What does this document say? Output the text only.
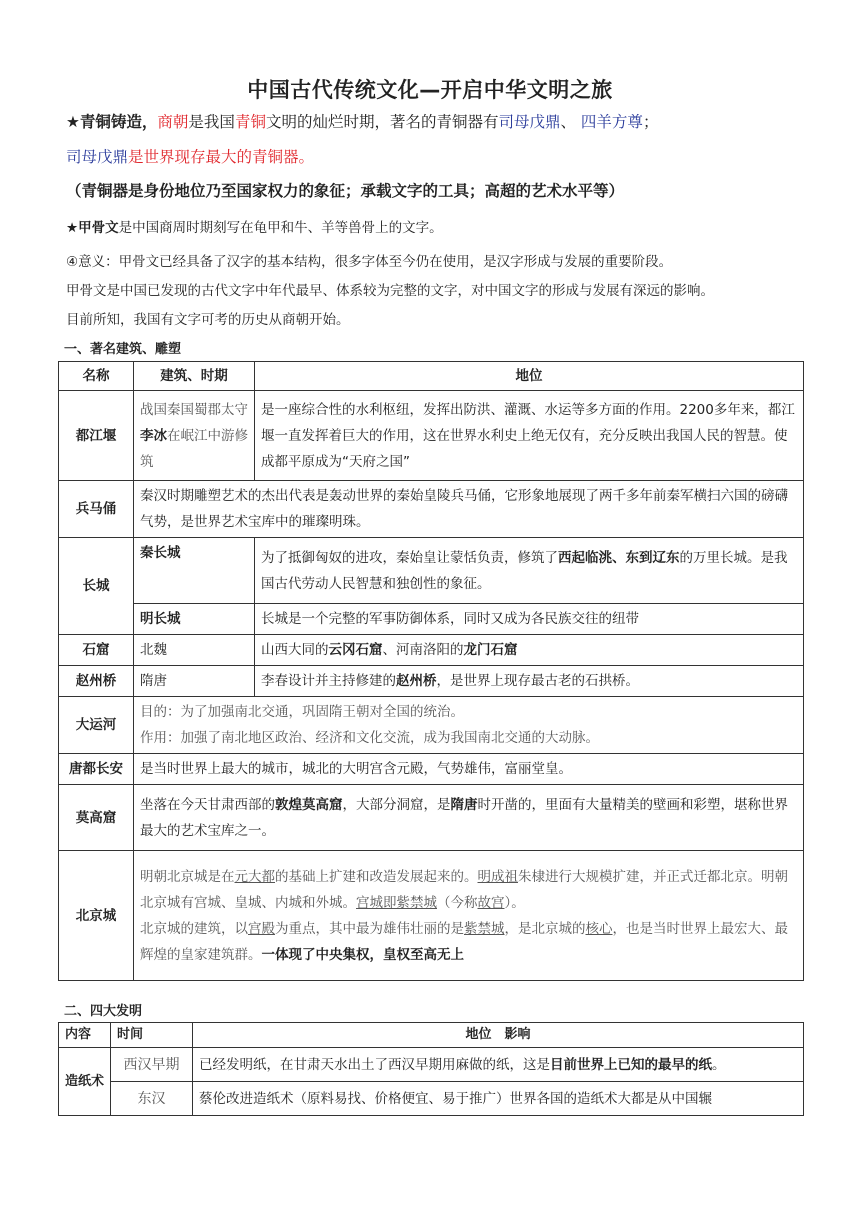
中国古代传统文化—开启中华文明之旅
★青铜铸造，商朝是我国青铜文明的灿烂时期，著名的青铜器有司母戊鼎、 四羊方尊；
司母戊鼎是世界现存最大的青铜器。
（青铜器是身份地位乃至国家权力的象征；承载文字的工具；高超的艺术水平等）
★甲骨文是中国商周时期刻写在龟甲和牛、羊等兽骨上的文字。
④意义：甲骨文已经具备了汉字的基本结构，很多字体至今仍在使用，是汉字形成与发展的重要阶段。
甲骨文是中国已发现的古代文字中年代最早、体系较为完整的文字，对中国文字的形成与发展有深远的影响。
目前所知，我国有文字可考的历史从商朝开始。
一、著名建筑、雕塑
名称	建筑、时期	地位
都江堰	战国秦国蜀郡太守李冰在岷江中游修筑	是一座综合性的水利枢纽，发挥出防洪、灌溉、水运等多方面的作用。2200多年来，都江堰一直发挥着巨大的作用，这在世界水利史上绝无仅有，充分反映出我国人民的智慧。使成都平原成为“天府之国”
兵马俑	秦汉时期雕塑艺术的杰出代表是轰动世界的秦始皇陵兵马俑，它形象地展现了两千多年前秦军横扫六国的磅礴气势，是世界艺术宝库中的璀璨明珠。	
长城	秦长城	为了抵御匈奴的进攻，秦始皇让蒙恬负责，修筑了西起临洮、东到辽东的万里长城。是我国古代劳动人民智慧和独创性的象征。
	明长城	长城是一个完整的军事防御体系，同时又成为各民族交往的纽带
石窟	北魏	山西大同的云冈石窟、河南洛阳的龙门石窟
赵州桥	隋唐	李春设计并主持修建的赵州桥，是世界上现存最古老的石拱桥。
大运河	目的：为了加强南北交通，巩固隋王朝对全国的统治。
作用：加强了南北地区政治、经济和文化交流，成为我国南北交通的大动脉。	

唐都长安	是当时世界上最大的城市，城北的大明宫含元殿，气势雄伟，富丽堂皇。	
莫高窟	坐落在今天甘肃西部的敦煌莫高窟，大部分洞窟，是隋唐时开凿的，里面有大量精美的壁画和彩塑，堪称世界最大的艺术宝库之一。	
北京城	明朝北京城是在元大都的基础上扩建和改造发展起来的。明成祖朱棣进行大规模扩建，并正式迁都北京。明朝北京城有宫城、皇城、内城和外城。宫城即紫禁城（今称故宫）。
北京城的建筑，以宫殿为重点，其中最为雄伟壮丽的是紫禁城，是北京城的核心，也是当时世界上最宏大、最辉煌的皇家建筑群。一体现了中央集权，皇权至高无上	
二、四大发明
内容	时间	地位　影响
造纸术	西汉早期	已经发明纸，在甘肃天水出土了西汉早期用麻做的纸，这是目前世界上已知的最早的纸。
	东汉	蔡伦改进造纸术（原料易找、价格便宜、易于推广）世界各国的造纸术大都是从中国辗
